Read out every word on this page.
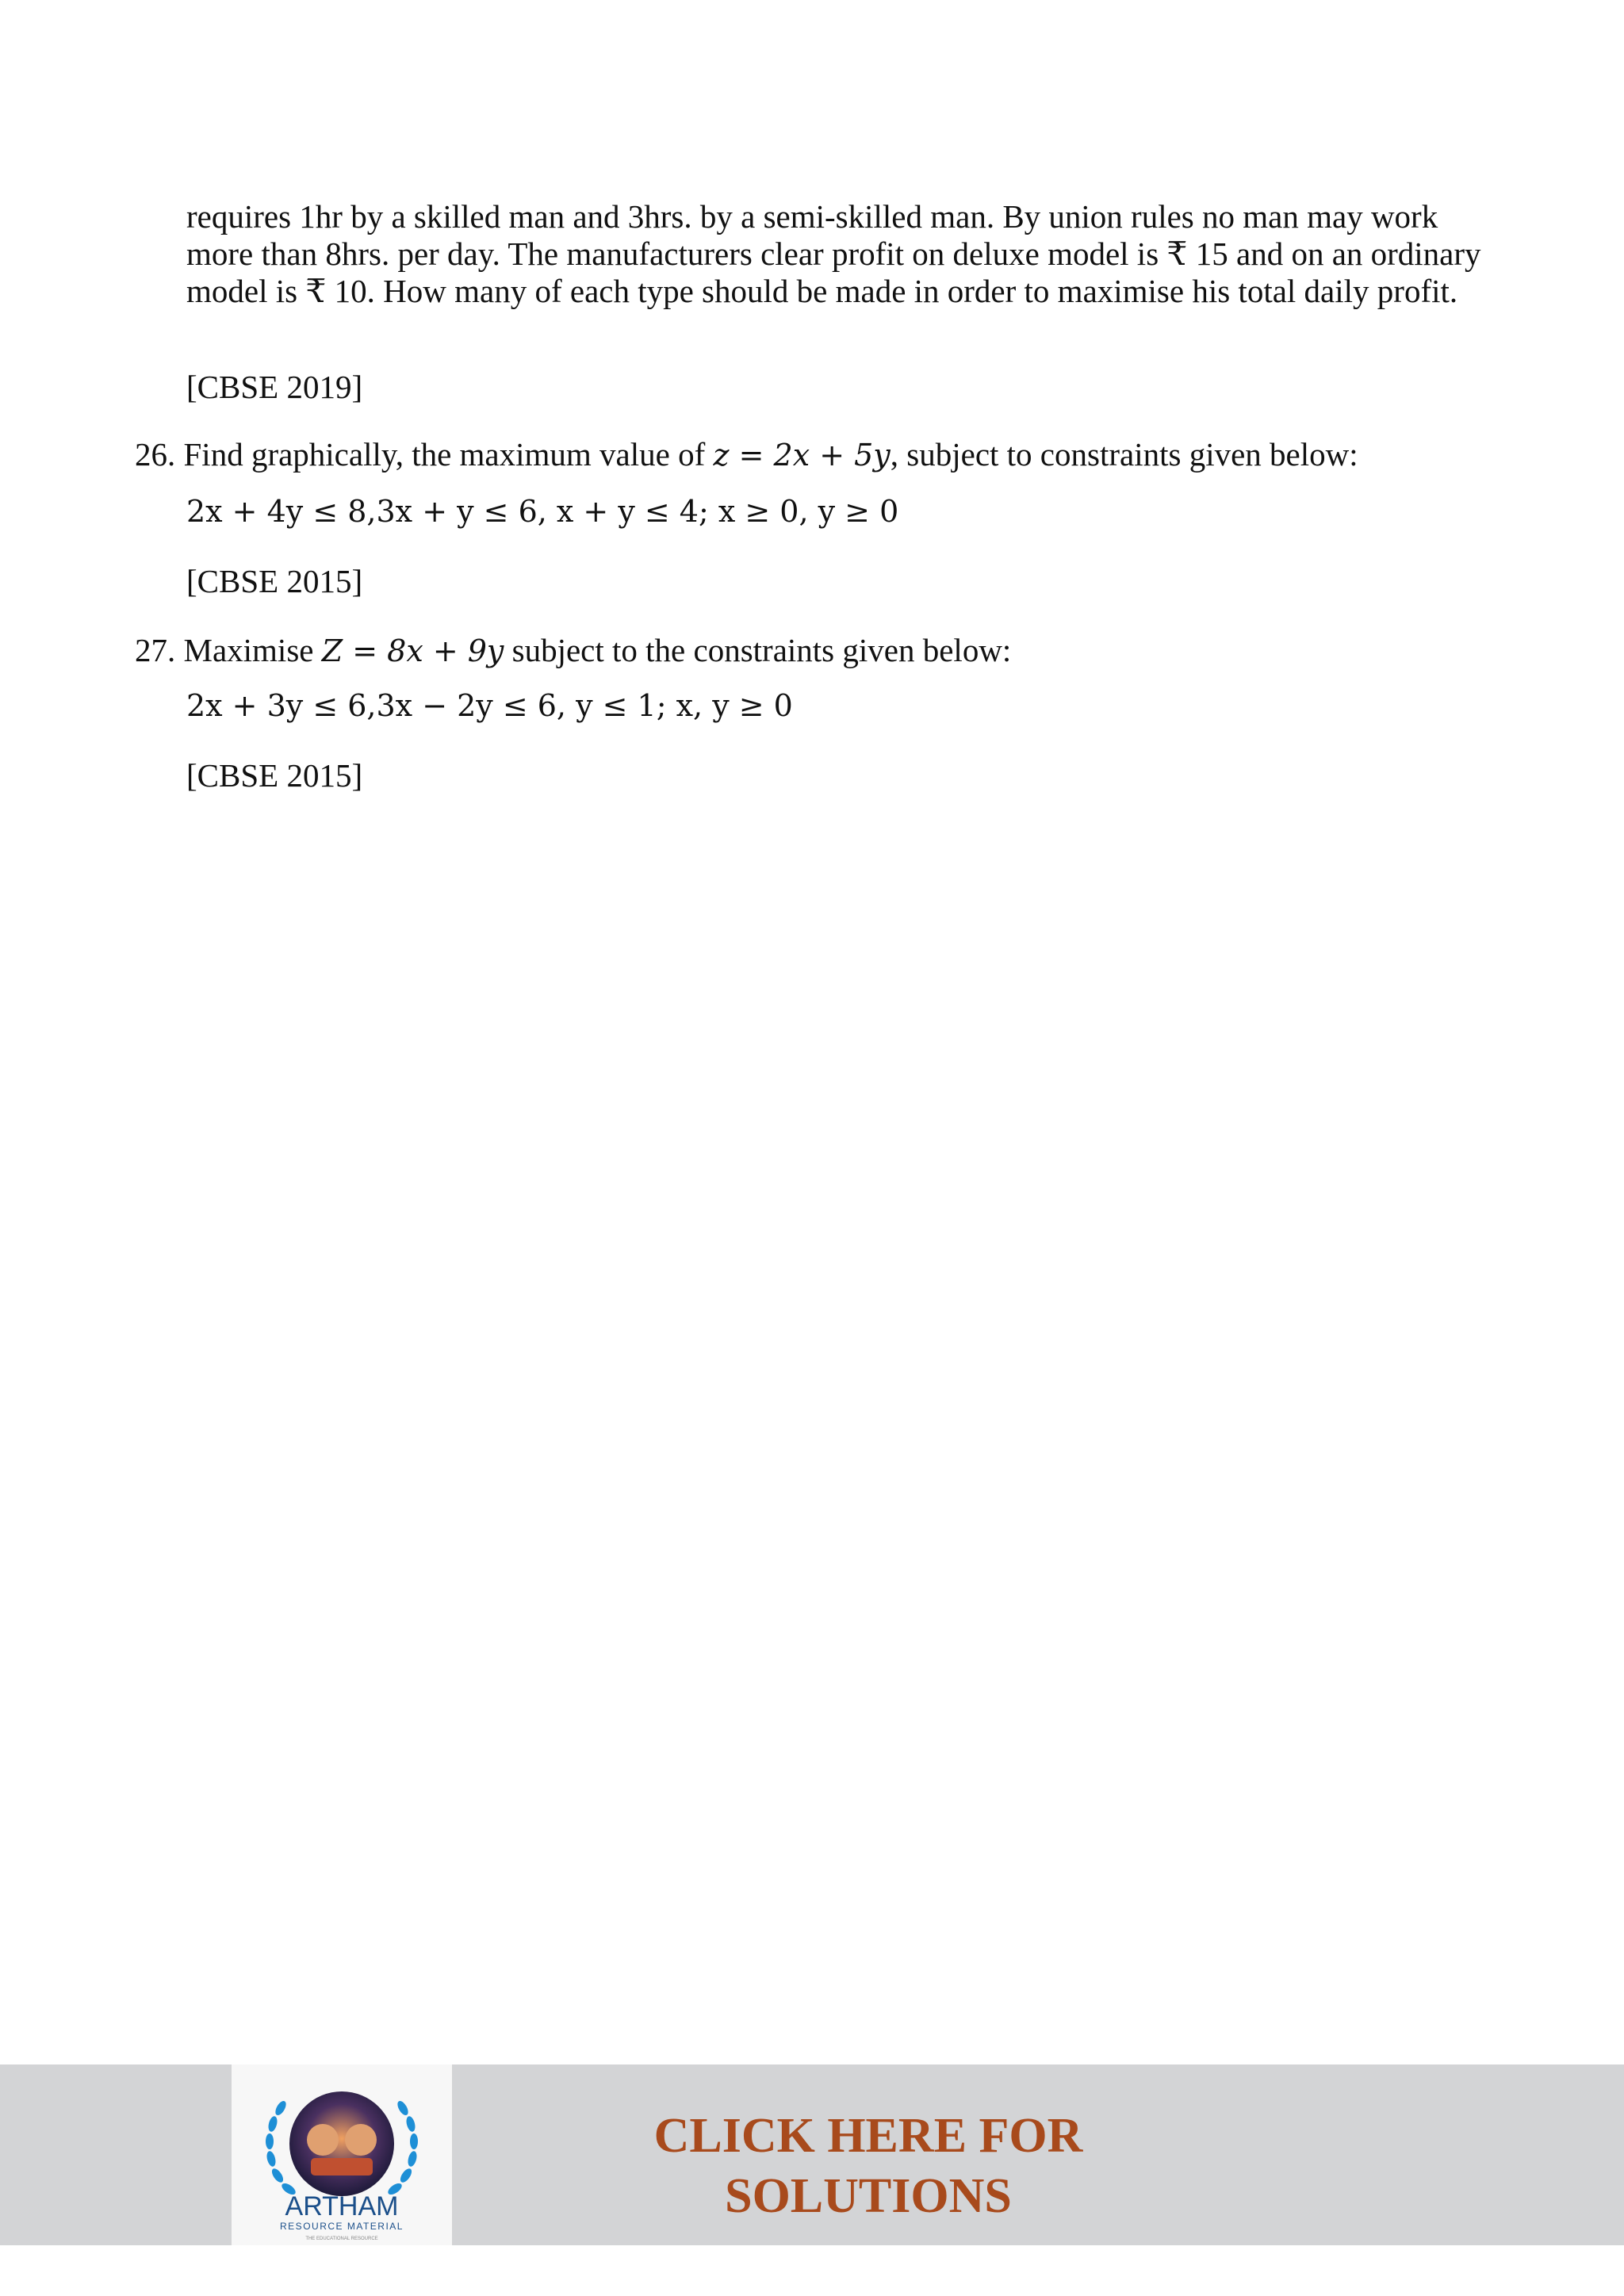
requires 1hr by a skilled man and 3hrs. by a semi-skilled man. By union rules no man may work more than 8hrs. per day. The manufacturers clear profit on deluxe model is ₹ 15 and on an ordinary model is ₹ 10. How many of each type should be made in order to maximise his total daily profit.

[CBSE 2019]

26. Find graphically, the maximum value of z = 2x + 5y, subject to constraints given below:

2x + 4y ≤ 8,3x + y ≤ 6, x + y ≤ 4; x ≥ 0, y ≥ 0

[CBSE 2015]

27. Maximise Z = 8x + 9y subject to the constraints given below:

2x + 3y ≤ 6,3x − 2y ≤ 6, y ≤ 1; x, y ≥ 0

[CBSE 2015]

ARTHAM
RESOURCE MATERIAL
THE EDUCATIONAL RESOURCE
CLICK HERE FOR
SOLUTIONS
